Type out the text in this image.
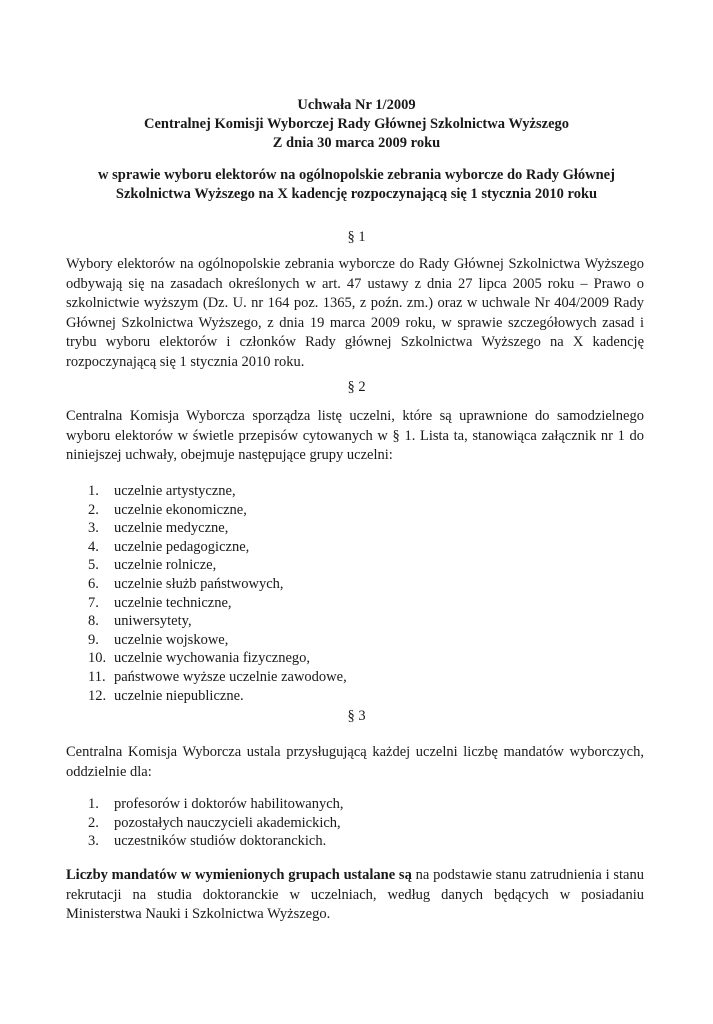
Uchwała Nr 1/2009
Centralnej Komisji Wyborczej Rady Głównej Szkolnictwa Wyższego
Z dnia 30 marca 2009 roku
w sprawie wyboru elektorów na ogólnopolskie zebrania wyborcze do Rady Głównej
Szkolnictwa Wyższego na X kadencję rozpoczynającą się 1 stycznia 2010 roku
§ 1
Wybory elektorów na ogólnopolskie zebrania wyborcze do Rady Głównej Szkolnictwa Wyższego odbywają się na zasadach określonych w art. 47 ustawy z dnia 27 lipca 2005 roku – Prawo o szkolnictwie wyższym (Dz. U. nr 164 poz. 1365, z poźn. zm.) oraz w uchwale Nr 404/2009 Rady Głównej Szkolnictwa Wyższego, z dnia 19 marca 2009 roku, w sprawie szczegółowych zasad i trybu wyboru elektorów i członków Rady głównej Szkolnictwa Wyższego na X kadencję rozpoczynającą się 1 stycznia 2010 roku.
§ 2
Centralna Komisja Wyborcza sporządza listę uczelni, które są uprawnione do samodzielnego wyboru elektorów w świetle przepisów cytowanych w § 1. Lista ta, stanowiąca załącznik nr 1 do niniejszej uchwały, obejmuje następujące grupy uczelni:
1.	uczelnie artystyczne,
2.	uczelnie ekonomiczne,
3.	uczelnie medyczne,
4.	uczelnie pedagogiczne,
5.	uczelnie rolnicze,
6.	uczelnie służb państwowych,
7.	uczelnie techniczne,
8.	uniwersytety,
9.	uczelnie wojskowe,
10. uczelnie wychowania fizycznego,
11. państwowe wyższe uczelnie zawodowe,
12. uczelnie niepubliczne.
§ 3
Centralna Komisja Wyborcza ustala przysługującą każdej uczelni liczbę mandatów wyborczych, oddzielnie dla:
1.	profesorów i doktorów habilitowanych,
2.	pozostałych nauczycieli akademickich,
3.	uczestników studiów doktoranckich.
Liczby mandatów w wymienionych grupach ustalane są na podstawie stanu zatrudnienia i stanu rekrutacji na studia doktoranckie w uczelniach, według danych będących w posiadaniu Ministerstwa Nauki i Szkolnictwa Wyższego.
